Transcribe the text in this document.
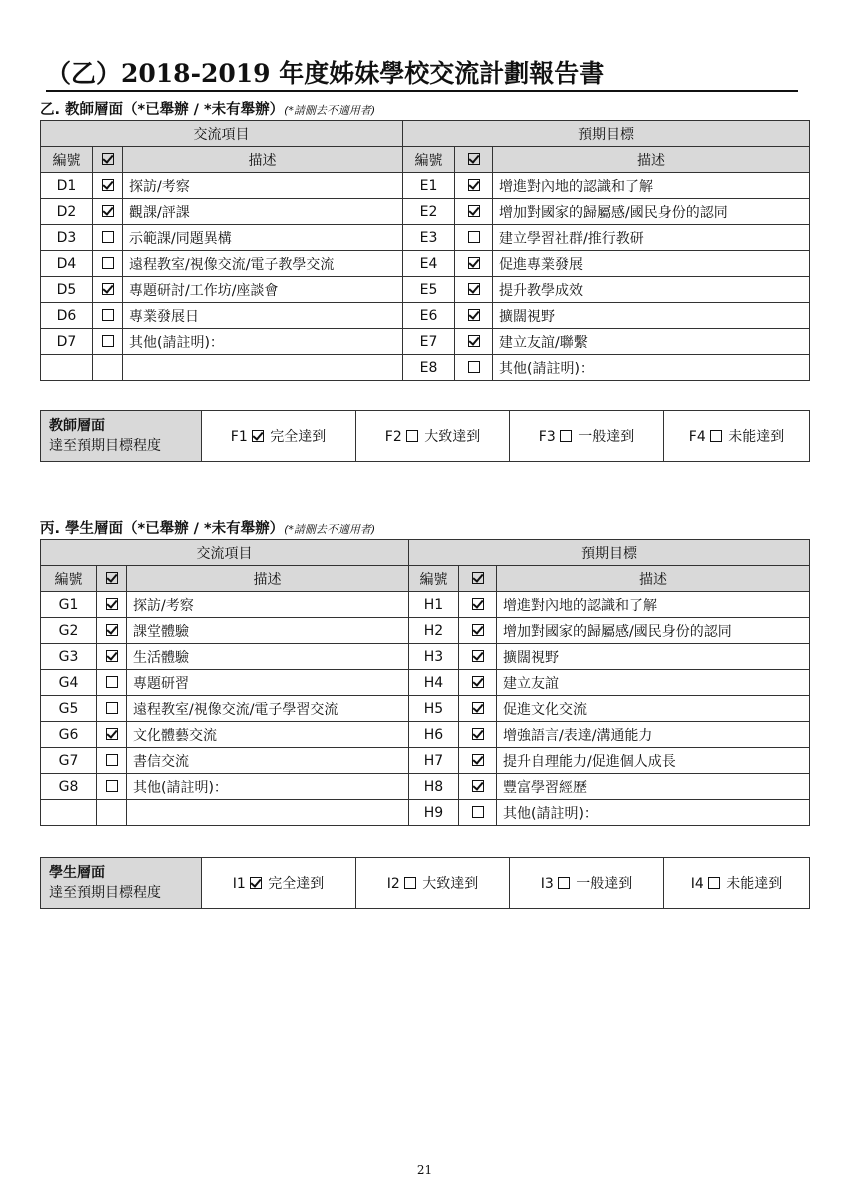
（乙）2018-2019 年度姊妹學校交流計劃報告書
乙. 教師層面（*已舉辦 / *未有舉辦）(*請刪去不適用者)
交流項目			預期目標		
編號		描述	編號		描述
D1		探訪/考察	E1		增進對內地的認識和了解
D2		觀課/評課	E2		增加對國家的歸屬感/國民身份的認同
D3		示範課/同題異構	E3		建立學習社群/推行教研
D4		遠程教室/視像交流/電子教學交流	E4		促進專業發展
D5		專題研討/工作坊/座談會	E5		提升教學成效
D6		專業發展日	E6		擴闊視野
D7		其他(請註明)：	E7		建立友誼/聯繫
			E8		其他(請註明)：
教師層面
達至預期目標程度	F1 完全達到	F2 大致達到	F3 一般達到	F4 未能達到
丙. 學生層面（*已舉辦 / *未有舉辦）(*請刪去不適用者)
交流項目			預期目標		
編號		描述	編號		描述
G1		探訪/考察	H1		增進對內地的認識和了解
G2		課堂體驗	H2		增加對國家的歸屬感/國民身份的認同
G3		生活體驗	H3		擴闊視野
G4		專題研習	H4		建立友誼
G5		遠程教室/視像交流/電子學習交流	H5		促進文化交流
G6		文化體藝交流	H6		增強語言/表達/溝通能力
G7		書信交流	H7		提升自理能力/促進個人成長
G8		其他(請註明)：	H8		豐富學習經歷
			H9		其他(請註明)：
學生層面
達至預期目標程度	I1 完全達到	I2 大致達到	I3 一般達到	I4 未能達到
21
